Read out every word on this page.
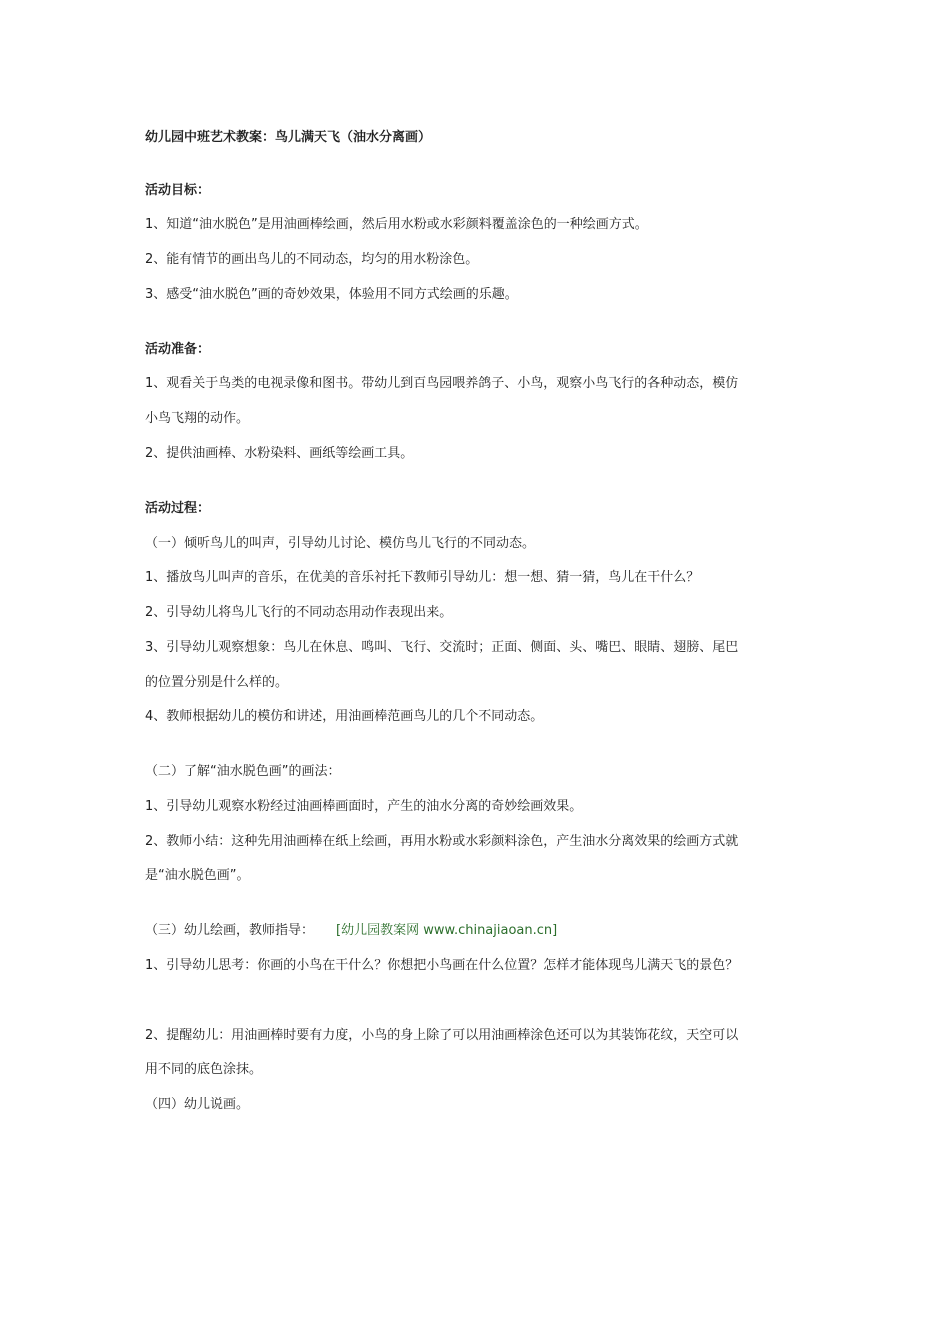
幼儿园中班艺术教案：鸟儿满天飞（油水分离画）
活动目标：
1、知道“油水脱色”是用油画棒绘画，然后用水粉或水彩颜料覆盖涂色的一种绘画方式。
2、能有情节的画出鸟儿的不同动态，均匀的用水粉涂色。
3、感受“油水脱色”画的奇妙效果，体验用不同方式绘画的乐趣。
活动准备：
1、观看关于鸟类的电视录像和图书。带幼儿到百鸟园喂养鸽子、小鸟，观察小鸟飞行的各种动态，模仿
小鸟飞翔的动作。
2、提供油画棒、水粉染料、画纸等绘画工具。
活动过程：
（一）倾听鸟儿的叫声，引导幼儿讨论、模仿鸟儿飞行的不同动态。
1、播放鸟儿叫声的音乐，在优美的音乐衬托下教师引导幼儿：想一想、猜一猜，鸟儿在干什么？
2、引导幼儿将鸟儿飞行的不同动态用动作表现出来。
3、引导幼儿观察想象：鸟儿在休息、鸣叫、飞行、交流时；正面、侧面、头、嘴巴、眼睛、翅膀、尾巴
的位置分别是什么样的。
4、教师根据幼儿的模仿和讲述，用油画棒范画鸟儿的几个不同动态。
（二）了解“油水脱色画”的画法：
1、引导幼儿观察水粉经过油画棒画面时，产生的油水分离的奇妙绘画效果。
2、教师小结：这种先用油画棒在纸上绘画，再用水粉或水彩颜料涂色，产生油水分离效果的绘画方式就
是“油水脱色画”。
（三）幼儿绘画，教师指导： [幼儿园教案网 www.chinajiaoan.cn]
1、引导幼儿思考：你画的小鸟在干什么？你想把小鸟画在什么位置？怎样才能体现鸟儿满天飞的景色？
2、提醒幼儿：用油画棒时要有力度，小鸟的身上除了可以用油画棒涂色还可以为其装饰花纹，天空可以
用不同的底色涂抹。
（四）幼儿说画。
